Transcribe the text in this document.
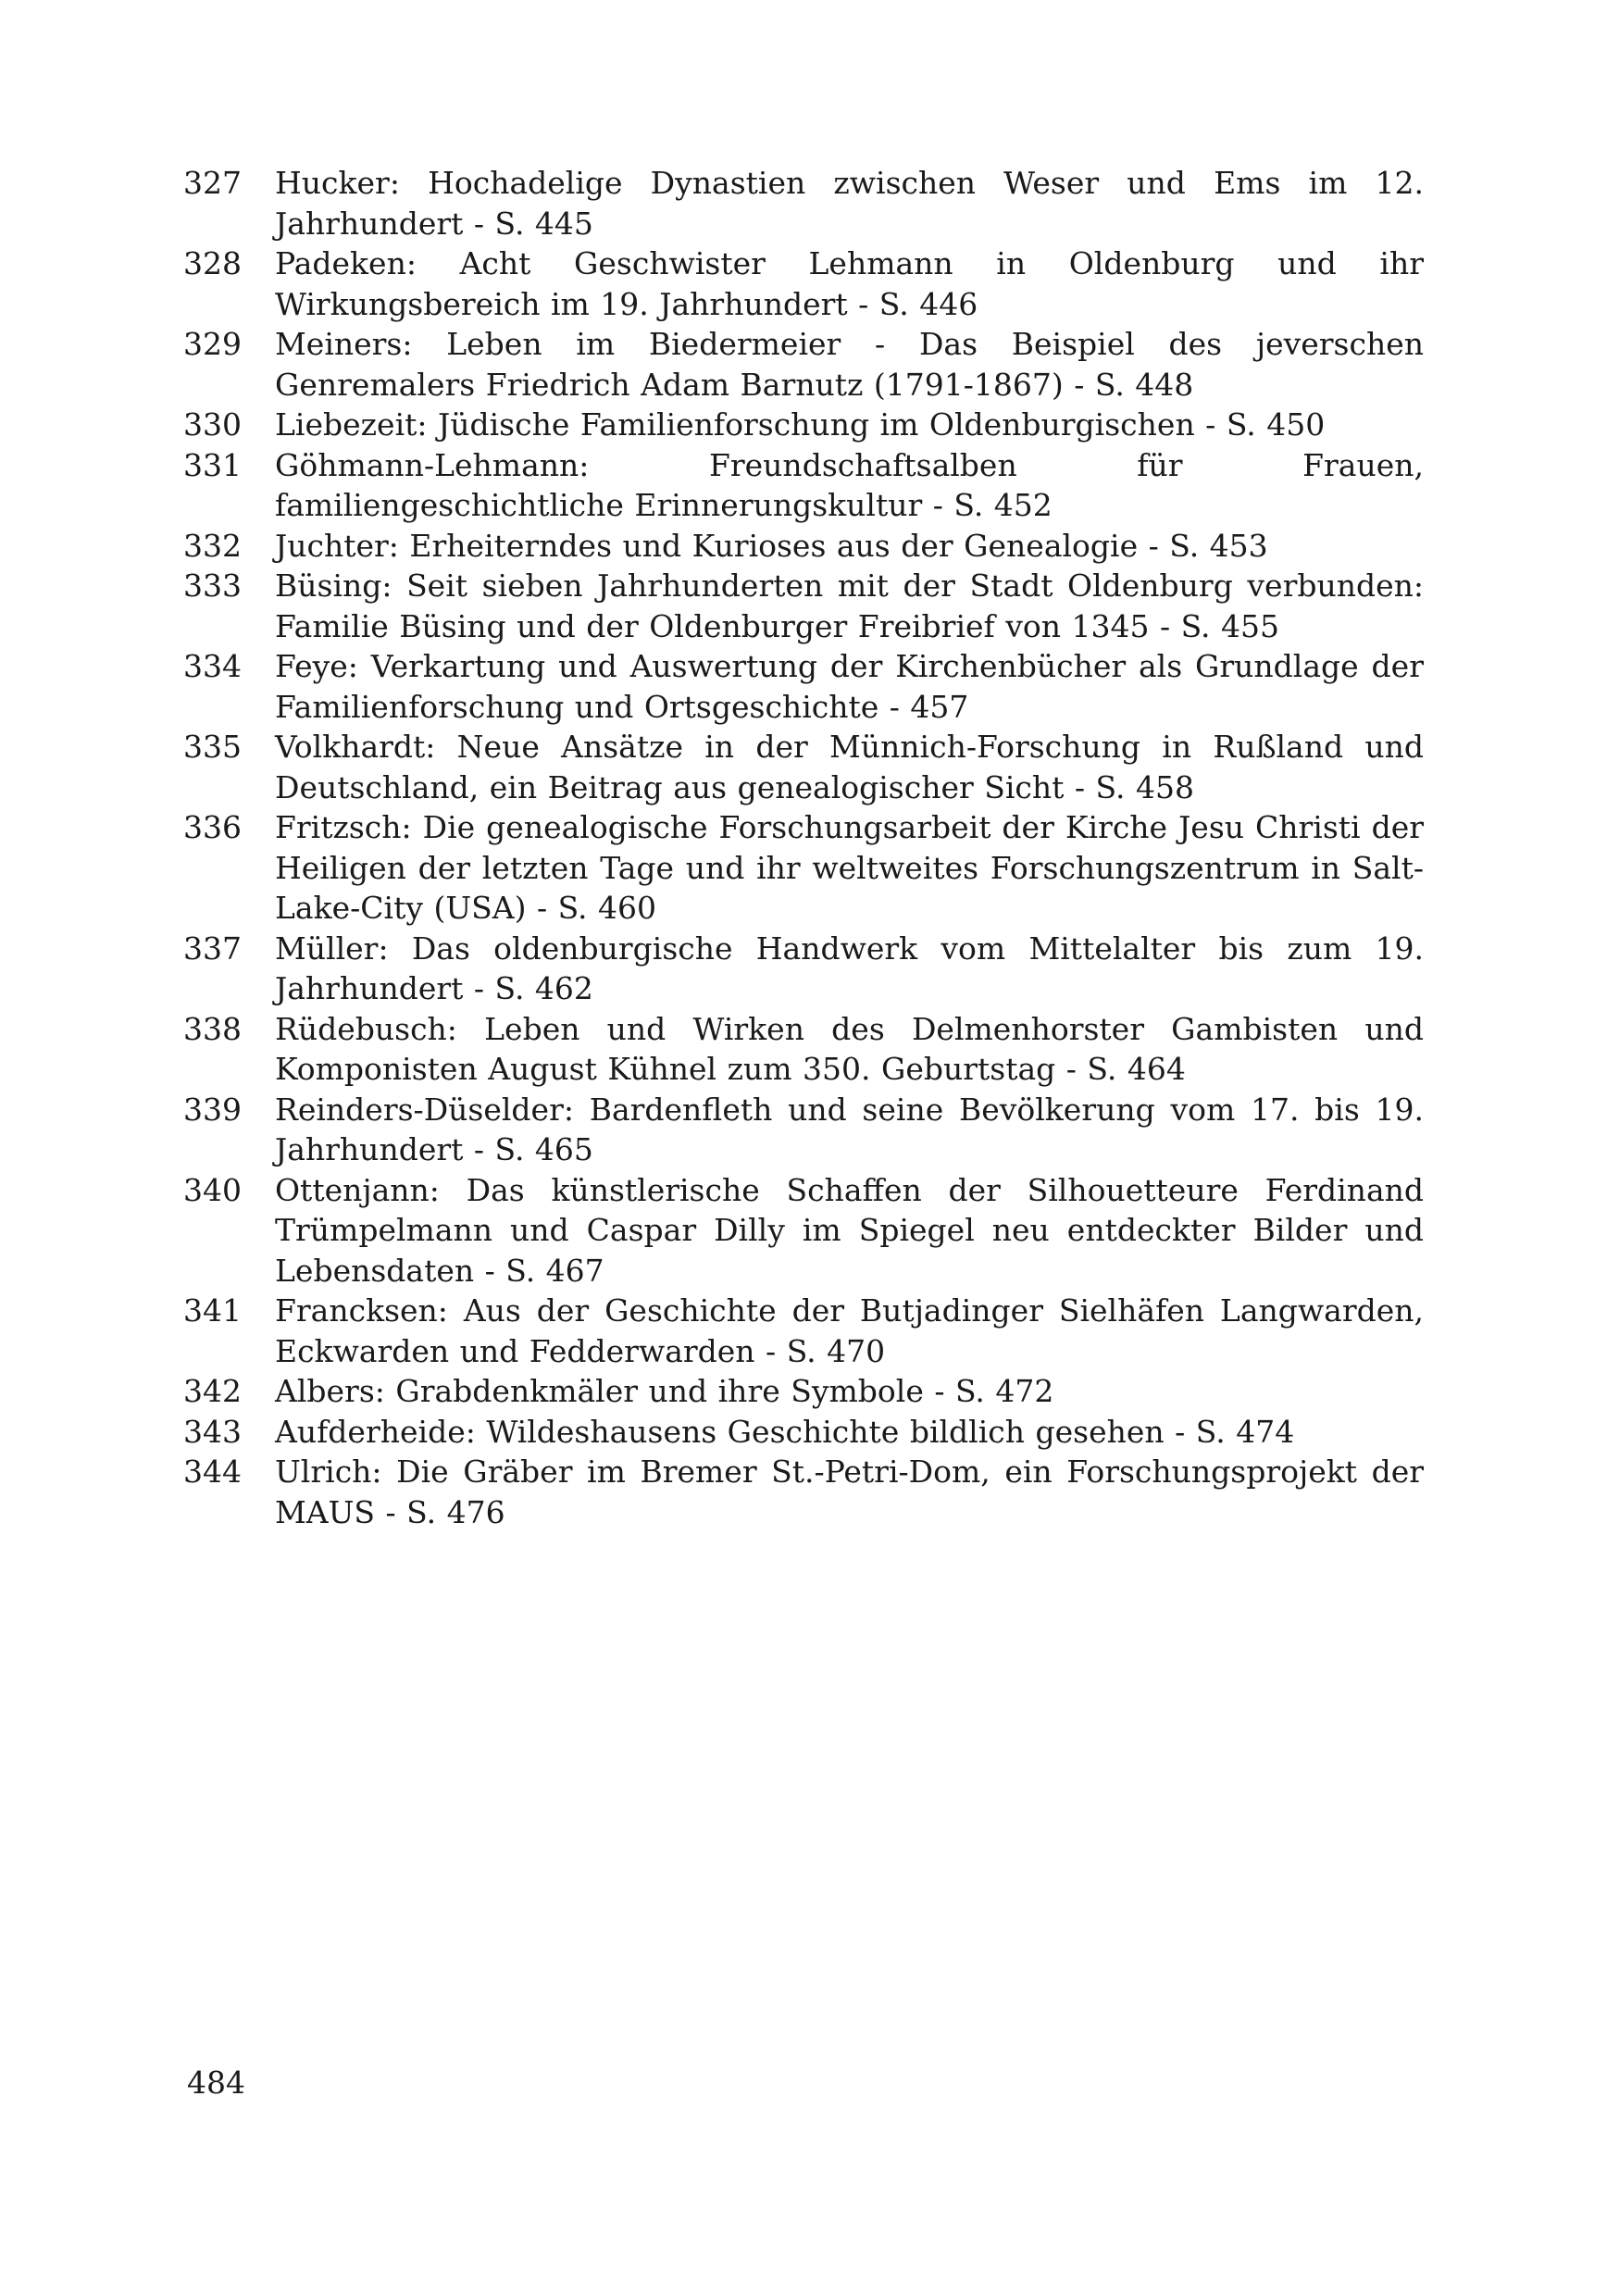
327	Hucker: Hochadelige Dynastien zwischen Weser und Ems im 12. Jahrhundert - S. 445
328	Padeken: Acht Geschwister Lehmann in Oldenburg und ihr Wirkungsbereich im 19. Jahrhundert - S. 446
329	Meiners: Leben im Biedermeier - Das Beispiel des jeverschen Genremalers Friedrich Adam Barnutz (1791-1867) - S. 448
330	Liebezeit: Jüdische Familienforschung im Oldenburgischen - S. 450
331	Göhmann-Lehmann: Freundschaftsalben für Frauen, familiengeschichtliche Erinnerungskultur - S. 452
332	Juchter: Erheiterndes und Kurioses aus der Genealogie - S. 453
333	Büsing: Seit sieben Jahrhunderten mit der Stadt Oldenburg verbunden: Familie Büsing und der Oldenburger Freibrief von 1345 - S. 455
334	Feye: Verkartung und Auswertung der Kirchenbücher als Grundlage der Familienforschung und Ortsgeschichte - 457
335	Volkhardt: Neue Ansätze in der Münnich-Forschung in Rußland und Deutschland, ein Beitrag aus genealogischer Sicht - S. 458
336	Fritzsch: Die genealogische Forschungsarbeit der Kirche Jesu Christi der Heiligen der letzten Tage und ihr weltweites Forschungszentrum in Salt-Lake-City (USA) - S. 460
337	Müller: Das oldenburgische Handwerk vom Mittelalter bis zum 19. Jahrhundert - S. 462
338	Rüdebusch: Leben und Wirken des Delmenhorster Gambisten und Komponisten August Kühnel zum 350. Geburtstag - S. 464
339	Reinders-Düselder: Bardenfleth und seine Bevölkerung vom 17. bis 19. Jahrhundert - S. 465
340	Ottenjann: Das künstlerische Schaffen der Silhouetteure Ferdinand Trümpelmann und Caspar Dilly im Spiegel neu entdeckter Bilder und Lebensdaten - S. 467
341	Francksen: Aus der Geschichte der Butjadinger Sielhäfen Langwarden, Eckwarden und Fedderwarden - S. 470
342	Albers: Grabdenkmäler und ihre Symbole - S. 472
343	Aufderheide: Wildeshausens Geschichte bildlich gesehen - S. 474
344	Ulrich: Die Gräber im Bremer St.-Petri-Dom, ein Forschungsprojekt der MAUS - S. 476
484
